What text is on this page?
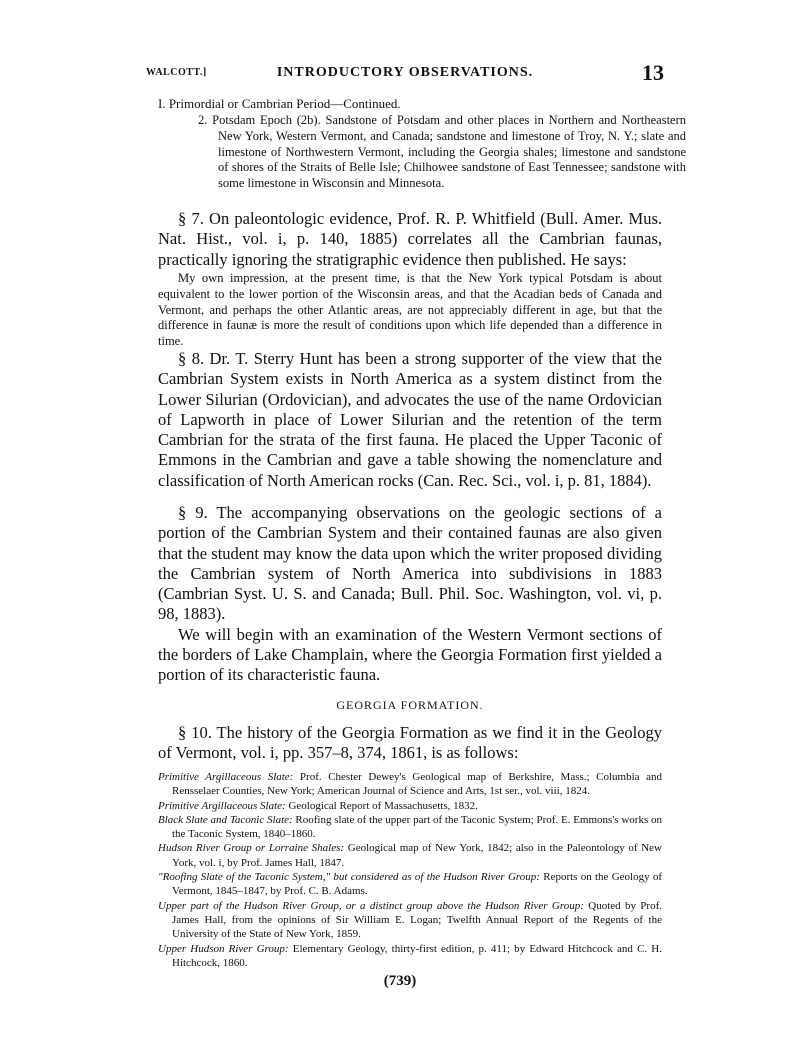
WALCOTT.]	INTRODUCTORY OBSERVATIONS.	13
I. Primordial or Cambrian Period—Continued.
2. Potsdam Epoch (2b). Sandstone of Potsdam and other places in Northern and Northeastern New York, Western Vermont, and Canada; sandstone and limestone of Troy, N. Y.; slate and limestone of Northwestern Vermont, including the Georgia shales; limestone and sandstone of shores of the Straits of Belle Isle; Chilhowee sandstone of East Tennessee; sandstone with some limestone in Wisconsin and Minnesota.

§ 7. On paleontologic evidence, Prof. R. P. Whitfield (Bull. Amer. Mus. Nat. Hist., vol. i, p. 140, 1885) correlates all the Cambrian faunas, practically ignoring the stratigraphic evidence then published. He says:

My own impression, at the present time, is that the New York typical Potsdam is about equivalent to the lower portion of the Wisconsin areas, and that the Acadian beds of Canada and Vermont, and perhaps the other Atlantic areas, are not appreciably different in age, but that the difference in faunæ is more the result of conditions upon which life depended than a difference in time.

§ 8. Dr. T. Sterry Hunt has been a strong supporter of the view that the Cambrian System exists in North America as a system distinct from the Lower Silurian (Ordovician), and advocates the use of the name Ordovician of Lapworth in place of Lower Silurian and the retention of the term Cambrian for the strata of the first fauna. He placed the Upper Taconic of Emmons in the Cambrian and gave a table showing the nomenclature and classification of North American rocks (Can. Rec. Sci., vol. i, p. 81, 1884).

§ 9. The accompanying observations on the geologic sections of a portion of the Cambrian System and their contained faunas are also given that the student may know the data upon which the writer proposed dividing the Cambrian system of North America into subdivisions in 1883 (Cambrian Syst. U. S. and Canada; Bull. Phil. Soc. Washington, vol. vi, p. 98, 1883).

We will begin with an examination of the Western Vermont sections of the borders of Lake Champlain, where the Georgia Formation first yielded a portion of its characteristic fauna.

GEORGIA FORMATION.

§ 10. The history of the Georgia Formation as we find it in the Geology of Vermont, vol. i, pp. 357–8, 374, 1861, is as follows:

Primitive Argillaceous Slate: Prof. Chester Dewey's Geological map of Berkshire, Mass.; Columbia and Rensselaer Counties, New York; American Journal of Science and Arts, 1st ser., vol. viii, 1824.

Primitive Argillaceous Slate: Geological Report of Massachusetts, 1832.

Black Slate and Taconic Slate: Roofing slate of the upper part of the Taconic System; Prof. E. Emmons's works on the Taconic System, 1840–1860.

Hudson River Group or Lorraine Shales: Geological map of New York, 1842; also in the Paleontology of New York, vol. i, by Prof. James Hall, 1847.

"Roofing Slate of the Taconic System," but considered as of the Hudson River Group: Reports on the Geology of Vermont, 1845–1847, by Prof. C. B. Adams.

Upper part of the Hudson River Group, or a distinct group above the Hudson River Group: Quoted by Prof. James Hall, from the opinions of Sir William E. Logan; Twelfth Annual Report of the Regents of the University of the State of New York, 1859.

Upper Hudson River Group: Elementary Geology, thirty-first edition, p. 411; by Edward Hitchcock and C. H. Hitchcock, 1860.

(739)
